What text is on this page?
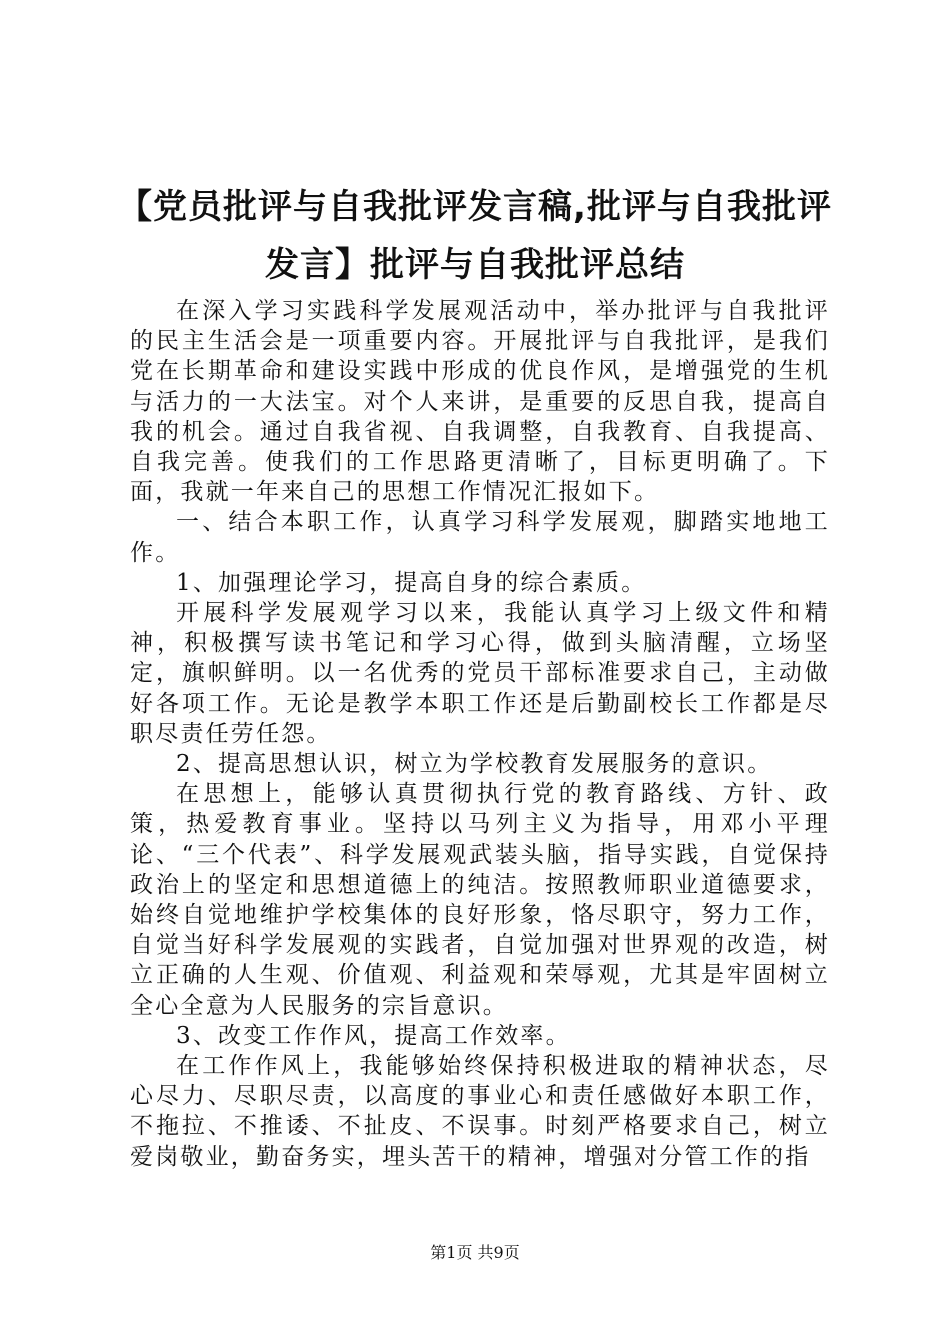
【党员批评与自我批评发言稿,批评与自我批评发言】批评与自我批评总结

在深入学习实践科学发展观活动中，举办批评与自我批评的民主生活会是一项重要内容。开展批评与自我批评，是我们党在长期革命和建设实践中形成的优良作风，是增强党的生机与活力的一大法宝。对个人来讲，是重要的反思自我，提高自我的机会。通过自我省视、自我调整，自我教育、自我提高、自我完善。使我们的工作思路更清晰了，目标更明确了。下面，我就一年来自己的思想工作情况汇报如下。

一、结合本职工作，认真学习科学发展观，脚踏实地地工作。

1、加强理论学习，提高自身的综合素质。

开展科学发展观学习以来，我能认真学习上级文件和精神，积极撰写读书笔记和学习心得，做到头脑清醒，立场坚定，旗帜鲜明。以一名优秀的党员干部标准要求自己，主动做好各项工作。无论是教学本职工作还是后勤副校长工作都是尽职尽责任劳任怨。

2、提高思想认识，树立为学校教育发展服务的意识。

在思想上，能够认真贯彻执行党的教育路线、方针、政策，热爱教育事业。坚持以马列主义为指导，用邓小平理论、“三个代表”、科学发展观武装头脑，指导实践，自觉保持政治上的坚定和思想道德上的纯洁。按照教师职业道德要求，始终自觉地维护学校集体的良好形象，恪尽职守，努力工作，自觉当好科学发展观的实践者，自觉加强对世界观的改造，树立正确的人生观、价值观、利益观和荣辱观，尤其是牢固树立全心全意为人民服务的宗旨意识。

3、改变工作作风，提高工作效率。

在工作作风上，我能够始终保持积极进取的精神状态，尽心尽力、尽职尽责，以高度的事业心和责任感做好本职工作，不拖拉、不推诿、不扯皮、不误事。时刻严格要求自己，树立爱岗敬业，勤奋务实，埋头苦干的精神，增强对分管工作的指

第1页 共9页
